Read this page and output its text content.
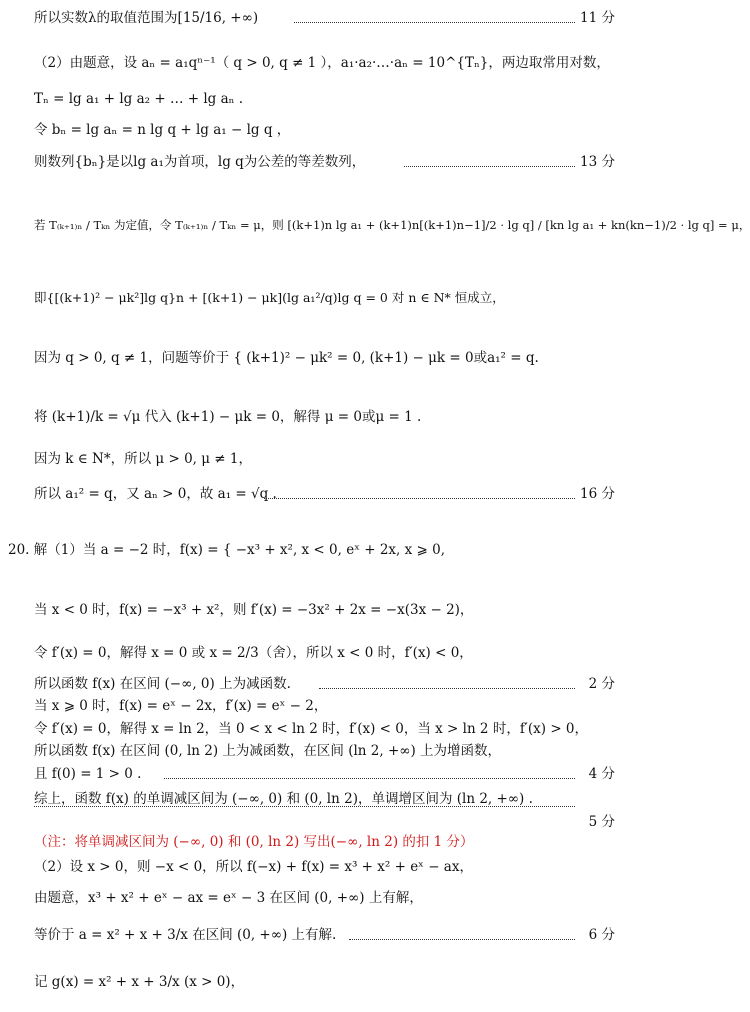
所以实数λ的取值范围为[15/16, +∞)	11 分
（2）由题意，设 aₙ = a₁qⁿ⁻¹（ q > 0, q ≠ 1 ），a₁·a₂·…·aₙ = 10^{Tₙ}，两边取常用对数，
Tₙ = lg a₁ + lg a₂ + … + lg aₙ .
令 bₙ = lg aₙ = n lg q + lg a₁ − lg q ，
则数列{bₙ}是以lg a₁为首项，lg q为公差的等差数列，	13 分
若 T₍ₖ₊₁₎ₙ / Tₖₙ 为定值，令 T₍ₖ₊₁₎ₙ / Tₖₙ = μ，则 [(k+1)n lg a₁ + (k+1)n[(k+1)n−1]/2 · lg q] / [kn lg a₁ + kn(kn−1)/2 · lg q] = μ，
即{[(k+1)² − μk²]lg q}n + [(k+1) − μk](lg a₁²/q)lg q = 0 对 n ∈ N* 恒成立，
因为 q > 0, q ≠ 1，问题等价于 { (k+1)² − μk² = 0, (k+1) − μk = 0或a₁² = q.
将 (k+1)/k = √μ 代入 (k+1) − μk = 0，解得 μ = 0或μ = 1 .
因为 k ∈ N*，所以 μ > 0, μ ≠ 1，
所以 a₁² = q，又 aₙ > 0，故 a₁ = √q .	16 分
20. 解（1）当 a = −2 时，f(x) = { −x³ + x², x < 0, eˣ + 2x, x ⩾ 0,
当 x < 0 时，f(x) = −x³ + x²，则 f′(x) = −3x² + 2x = −x(3x − 2)，
令 f′(x) = 0，解得 x = 0 或 x = 2/3（舍），所以 x < 0 时，f′(x) < 0，
所以函数 f(x) 在区间 (−∞, 0) 上为减函数.	2 分
当 x ⩾ 0 时，f(x) = eˣ − 2x，f′(x) = eˣ − 2，
令 f′(x) = 0，解得 x = ln 2，当 0 < x < ln 2 时，f′(x) < 0，当 x > ln 2 时，f′(x) > 0，
所以函数 f(x) 在区间 (0, ln 2) 上为减函数，在区间 (ln 2, +∞) 上为增函数，
且 f(0) = 1 > 0 .	4 分
综上，函数 f(x) 的单调减区间为 (−∞, 0) 和 (0, ln 2)，单调增区间为 (ln 2, +∞) .
5 分
（注：将单调减区间为 (−∞, 0) 和 (0, ln 2) 写出(−∞, ln 2) 的扣 1 分）
（2）设 x > 0，则 −x < 0，所以 f(−x) + f(x) = x³ + x² + eˣ − ax，
由题意，x³ + x² + eˣ − ax = eˣ − 3 在区间 (0, +∞) 上有解，
等价于 a = x² + x + 3/x 在区间 (0, +∞) 上有解.	6 分
记 g(x) = x² + x + 3/x (x > 0)，
